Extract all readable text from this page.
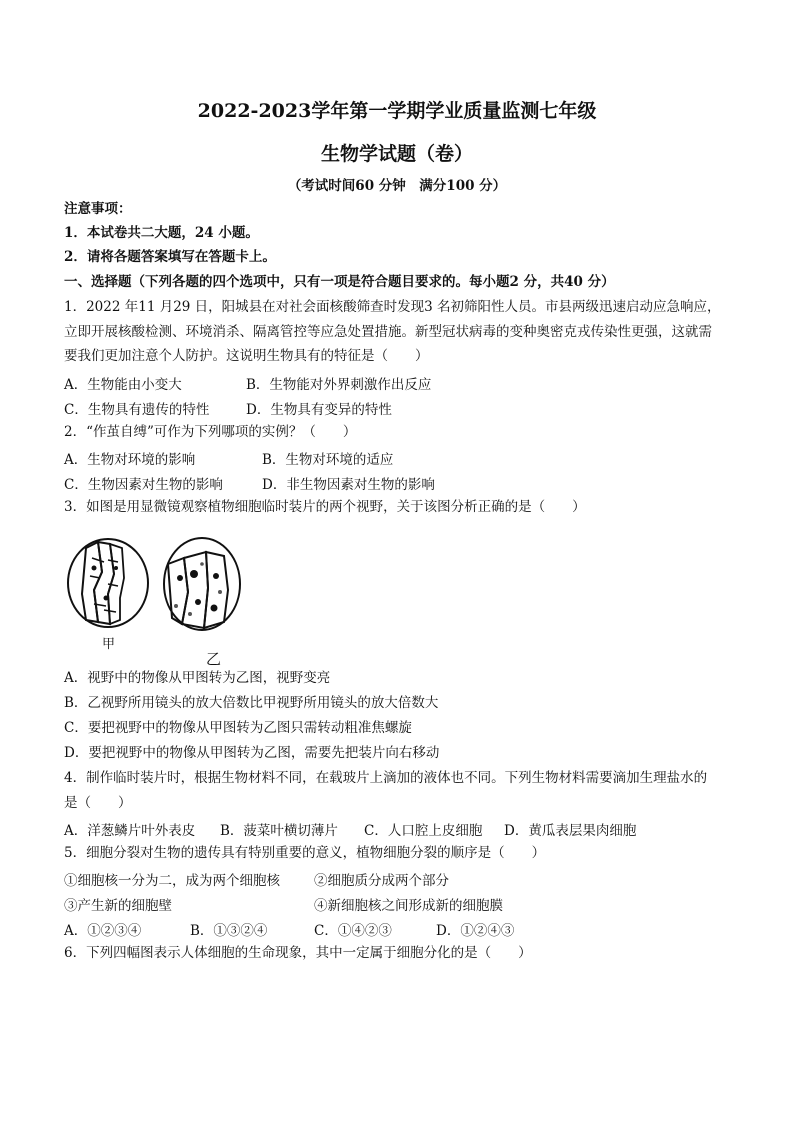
2022-2023学年第一学期学业质量监测七年级
生物学试题（卷）
（考试时间60 分钟　满分100 分）
注意事项：
1．本试卷共二大题，24 小题。
2．请将各题答案填写在答题卡上。
一、选择题（下列各题的四个选项中，只有一项是符合题目要求的。每小题2 分，共40 分）
1．2022 年11 月29 日，阳城县在对社会面核酸筛查时发现3 名初筛阳性人员。市县两级迅速启动应急响应，
立即开展核酸检测、环境消杀、隔离管控等应急处置措施。新型冠状病毒的变种奥密克戎传染性更强，这就需
要我们更加注意个人防护。这说明生物具有的特征是（　　）
A．生物能由小变大	B．生物能对外界刺激作出反应
C．生物具有遗传的特性	D．生物具有变异的特性
2．“作茧自缚”可作为下列哪项的实例？（　　）
A．生物对环境的影响	B．生物对环境的适应
C．生物因素对生物的影响	D．非生物因素对生物的影响
3．如图是用显微镜观察植物细胞临时装片的两个视野，关于该图分析正确的是（　　）
甲
乙
A．视野中的物像从甲图转为乙图，视野变亮
B．乙视野所用镜头的放大倍数比甲视野所用镜头的放大倍数大
C．要把视野中的物像从甲图转为乙图只需转动粗准焦螺旋
D．要把视野中的物像从甲图转为乙图，需要先把装片向右移动
4．制作临时装片时，根据生物材料不同，在载玻片上滴加的液体也不同。下列生物材料需要滴加生理盐水的
是（　　）
A．洋葱鳞片叶外表皮 B．菠菜叶横切薄片 C．人口腔上皮细胞 D．黄瓜表层果肉细胞
5．细胞分裂对生物的遗传具有特别重要的意义，植物细胞分裂的顺序是（　　）
①细胞核一分为二，成为两个细胞核	②细胞质分成两个部分
③产生新的细胞壁	④新细胞核之间形成新的细胞膜
A．①②③④	B．①③②④	C．①④②③	D．①②④③
6．下列四幅图表示人体细胞的生命现象，其中一定属于细胞分化的是（　　）
